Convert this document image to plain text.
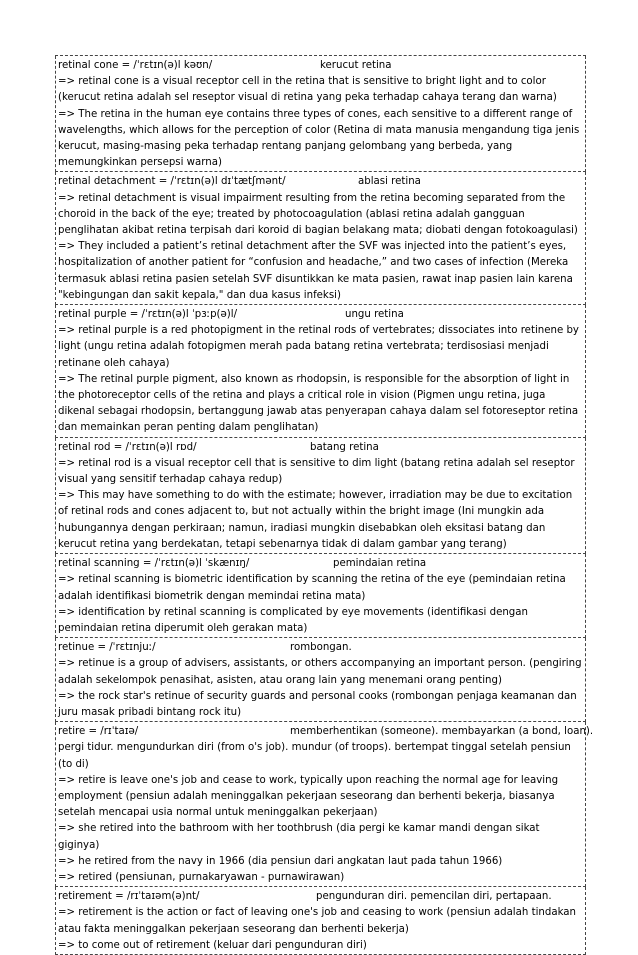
retinal cone = /ˈrɛtɪn(ə)l kəʊn/	kerucut retina

=> retinal cone is a visual receptor cell in the retina that is sensitive to bright light and to color (kerucut retina adalah sel reseptor visual di retina yang peka terhadap cahaya terang dan warna)

=> The retina in the human eye contains three types of cones, each sensitive to a different range of wavelengths, which allows for the perception of color (Retina di mata manusia mengandung tiga jenis kerucut, masing-masing peka terhadap rentang panjang gelombang yang berbeda, yang memungkinkan persepsi warna)

retinal detachment = /ˈrɛtɪn(ə)l dɪˈtætʃmənt/	ablasi retina

=> retinal detachment is visual impairment resulting from the retina becoming separated from the choroid in the back of the eye; treated by photocoagulation (ablasi retina adalah gangguan penglihatan akibat retina terpisah dari koroid di bagian belakang mata; diobati dengan fotokoagulasi)

=> They included a patient’s retinal detachment after the SVF was injected into the patient’s eyes, hospitalization of another patient for “confusion and headache,” and two cases of infection (Mereka termasuk ablasi retina pasien setelah SVF disuntikkan ke mata pasien, rawat inap pasien lain karena "kebingungan dan sakit kepala," dan dua kasus infeksi)

retinal purple = /ˈrɛtɪn(ə)l ˈpɜːp(ə)l/	ungu retina

=> retinal purple is a red photopigment in the retinal rods of vertebrates; dissociates into retinene by light (ungu retina adalah fotopigmen merah pada batang retina vertebrata; terdisosiasi menjadi retinane oleh cahaya)

=> The retinal purple pigment, also known as rhodopsin, is responsible for the absorption of light in the photoreceptor cells of the retina and plays a critical role in vision (Pigmen ungu retina, juga dikenal sebagai rhodopsin, bertanggung jawab atas penyerapan cahaya dalam sel fotoreseptor retina dan memainkan peran penting dalam penglihatan)

retinal rod = /ˈrɛtɪn(ə)l rɒd/	batang retina

=> retinal rod is a visual receptor cell that is sensitive to dim light (batang retina adalah sel reseptor visual yang sensitif terhadap cahaya redup)

=> This may have something to do with the estimate; however, irradiation may be due to excitation of retinal rods and cones adjacent to, but not actually within the bright image (Ini mungkin ada hubungannya dengan perkiraan; namun, iradiasi mungkin disebabkan oleh eksitasi batang dan kerucut retina yang berdekatan, tetapi sebenarnya tidak di dalam gambar yang terang)

retinal scanning = /ˈrɛtɪn(ə)l ˈskænɪŋ/	pemindaian retina

=> retinal scanning is biometric identification by scanning the retina of the eye (pemindaian retina adalah identifikasi biometrik dengan memindai retina mata)

=> identification by retinal scanning is complicated by eye movements (identifikasi dengan pemindaian retina diperumit oleh gerakan mata)

retinue = /ˈrɛtɪnjuː/	rombongan.

=> retinue is a group of advisers, assistants, or others accompanying an important person. (pengiring adalah sekelompok penasihat, asisten, atau orang lain yang menemani orang penting)

=> the rock star's retinue of security guards and personal cooks (rombongan penjaga keamanan dan juru masak pribadi bintang rock itu)

retire = /rɪˈtaɪə/	memberhentikan (someone). membayarkan (a bond, loan).

pergi tidur. mengundurkan diri (from o's job). mundur (of troops). bertempat tinggal setelah pensiun (to di)

=> retire is leave one's job and cease to work, typically upon reaching the normal age for leaving employment (pensiun adalah meninggalkan pekerjaan seseorang dan berhenti bekerja, biasanya setelah mencapai usia normal untuk meninggalkan pekerjaan)

=> she retired into the bathroom with her toothbrush (dia pergi ke kamar mandi dengan sikat giginya)

=> he retired from the navy in 1966 (dia pensiun dari angkatan laut pada tahun 1966)

=> retired (pensiunan, purnakaryawan - purnawirawan)

retirement = /rɪˈtaɪəm(ə)nt/	pengunduran diri. pemencilan diri, pertapaan.

=> retirement is the action or fact of leaving one's job and ceasing to work (pensiun adalah tindakan atau fakta meninggalkan pekerjaan seseorang dan berhenti bekerja)

=> to come out of retirement (keluar dari pengunduran diri)
